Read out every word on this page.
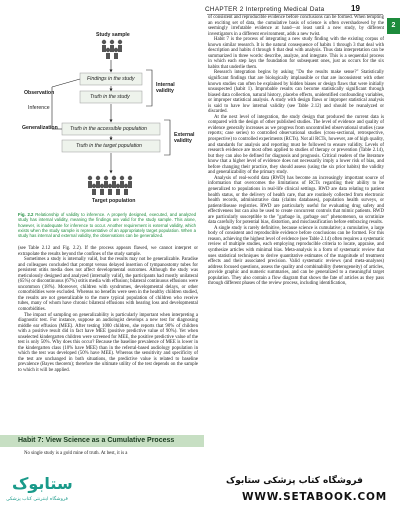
CHAPTER 2 Interpreting Medical Data	19
2
Study sample
Findings in the study
Truth in the study
Truth in the accessible population
Truth in the target population
Target population
Observation
Inference
Generalization
Internal
validity
External
validity
Fig. 2.2 Relationship of validity to inference. A properly designed, executed, and analyzed study has internal validity, meaning the findings are valid for the study sample. This alone, however, is inadequate for inference to occur. Another requirement is external validity, which exists when the study sample is representative of an appropriately target population. When a study has internal and external validity, the observations can be generalized.

(see Table 2.12 and Fig. 2.2). If the process appears flawed, we cannot interpret or extrapolate the results beyond the confines of the study sample.

Sometimes a study is internally valid, but the results may not be generalizable. Paradise and colleagues concluded that prompt versus delayed insertion of tympanostomy tubes for persistent otitis media does not affect developmental outcomes. Although the study was meticulously designed and analyzed (internally valid), the participants had mostly unilateral (65%) or discontinuous (67%) otitis media with effusion; bilateral continuous effusions were uncommon (18%). Moreover, children with syndromes, developmental delays, or other comorbidities were excluded. Whereas no benefits were seen in the healthy children studied, the results are not generalizable to the more typical population of children who receive tubes, many of whom have chronic bilateral effusions with hearing loss and developmental comorbidities.

The impact of sampling on generalizability is particularly important when interpreting a diagnostic test. For instance, suppose an audiologist develops a new test for diagnosing middle ear effusion (MEE). After testing 1000 children, she reports that 90% of children with a positive result did in fact have MEE (positive predictive value of 90%). Yet when unselected kindergarten children were screened for MEE, the positive predictive value of the test is only 50%. Why does this occur? Because the baseline prevalence of MEE is lower in the kindergarten class (10% have MEE) than in the referral-based audiology population in which the test was developed (50% have MEE). Whereas the sensitivity and specificity of the test are unchanged in both situations, the predictive value is related to baseline prevalence (Bayes theorem); therefore the ultimate utility of the test depends on the sample to which it will be applied.

Habit 7: View Science as a Cumulative Process
No single study is a gold mine of truth. At best, it is a

of consistent and reproducible evidence before conclusions can be formed. When tempting an exciting set of data, the cumulative basis of science is often overshadowed by the seemingly irrefutable evidence at hand—at least until a new study, by different investigators in a different environment, adds a new twist.

Habit 7 is the process of integrating a new study finding with the existing corpus of known similar research. It is the natural consequence of habits 1 through 3 that deal with description and habits 4 through 6 that deal with analysis. Thus data interpretation can be summarized in three words: describe, analyze, and integrate. This is a sequential process in which each step lays the foundation for subsequent ones, just as occurs for the six habits that underlie them.

Research integration begins by asking "Do the results make sense?" Statistically significant findings that are biologically implausible or that are inconsistent with other known studies can often be explained by hidden biases or design flaws that were initially unsuspected (habit 1). Improbable results can become statistically significant through biased data collection, natural history, placebo effects, unidentified confounding variables, or improper statistical analysis. A study with design flaws or improper statistical analysis is said to have low internal validity (see Table 2.12) and should be reanalyzed or discarded.

At the next level of integration, the study design that produced the current data is compared with the design of other published studies. The level of evidence and quality of evidence generally increases as we progress from uncontrolled observational studies (case reports; case series) to controlled observational studies (cross-sectional, retrospective, prospective) to controlled experiments (RCTs). Not all RCTs, however, are of high quality, and standards for analysis and reporting must be followed to ensure validity. Levels of research evidence are most often applied to studies of therapy or prevention (Table 2.14), but they can also be defined for diagnosis and prognosis. Critical readers of the literature know that a higher level of evidence does not necessarily imply a lower risk of bias, and before changing their practice, they should assess (using the six prior habits) the validity and generalizability of the primary study.

Analysis of real-world data (RWD) has become an increasingly important source of information that overcomes the limitations of RCTs regarding their ability to be generalized to populations in real-life clinical settings. RWD are data relating to patient health status, or the delivery of health care, that are routinely collected from electronic health records, administrative data (claims databases), population health surveys, or patient/disease registries. RWD are particularly useful for evaluating drug safety and effectiveness but can also be used to create concurrent controls that mimic patients. RWD are particularly susceptible to the "garbage in, garbage out" phenomenon, so scrutinize data carefully for potential bias, distortion, and misclassification before embracing results.

A single study is rarely definitive, because science is cumulative; a cumulative, a large body of consistent and reproducible evidence before conclusions can be formed. For this reason, achieving the highest level of evidence (see Table 2.14) often requires a systematic review of multiple studies, each employing reproducible criteria to locate, appraise, and synthesize articles with minimal bias. Meta-analysis is a form of systematic review that uses statistical techniques to derive quantitative estimates of the magnitude of treatment effects and their associated precision. Valid systematic reviews (and meta-analyses) address focused questions, assess the quality and combinability (heterogeneity) of articles, provide graphic and numeric summaries, and can be generalized to a meaningful target population. They also contain a flow diagram that shows the fate of articles as they pass through different phases of the review process, including identification,

ستابوک
فروشگاه اینترنتی کتاب پزشکی
فروشگاه کتاب پزشکی ستابوک
WWW.SETABOOK.COM
